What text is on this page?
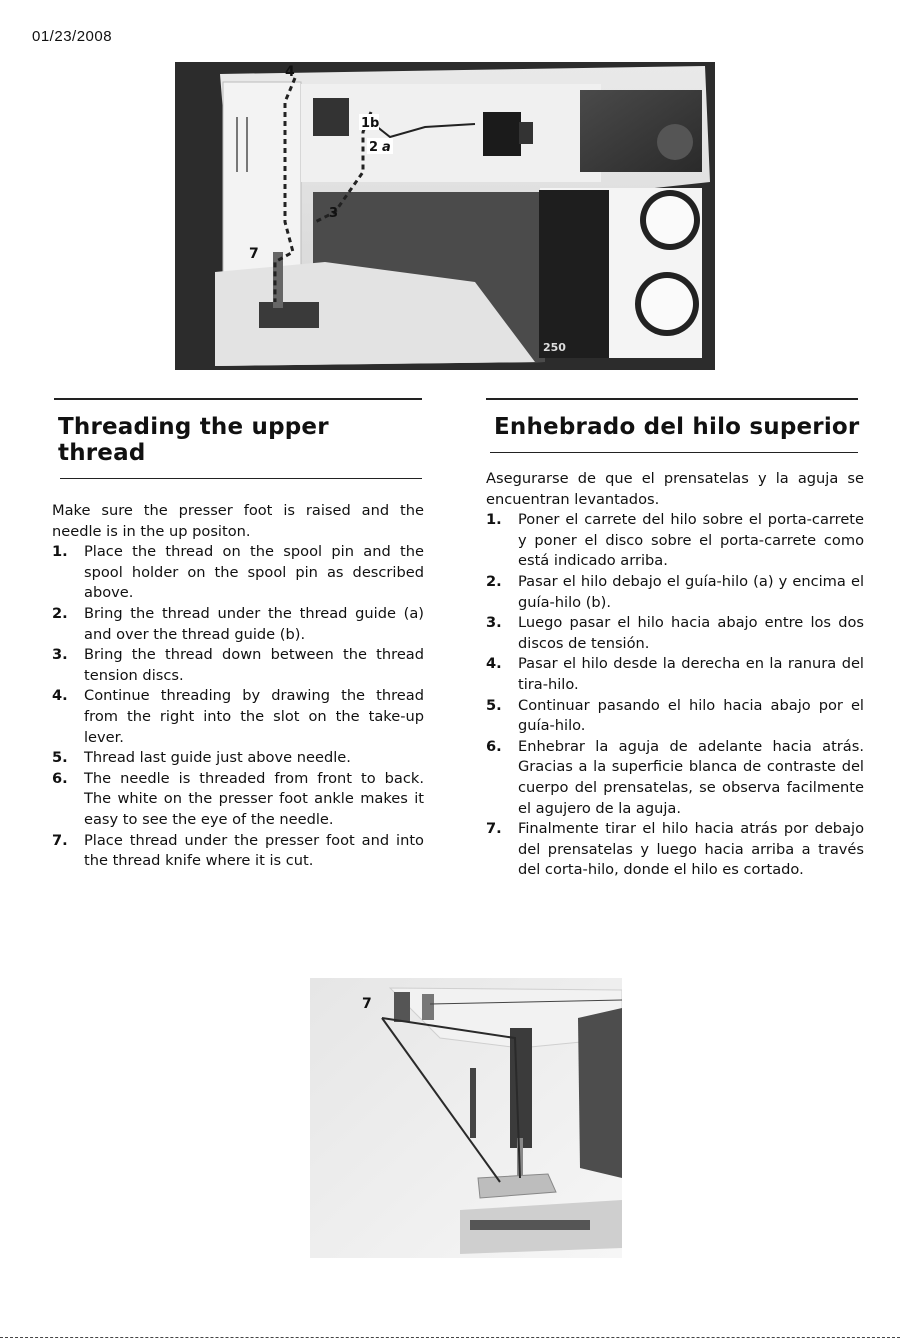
01/23/2008
250
4
1b
2 a
3
7
Threading the upper thread
Make sure the presser foot is raised and the needle is in the up positon.
1. Place the thread on the spool pin and the spool holder on the spool pin as described above.
2. Bring the thread under the thread guide (a) and over the thread guide (b).
3. Bring the thread down between the thread tension discs.
4. Continue threading by drawing the thread from the right into the slot on the take-up lever.
5. Thread last guide just above needle.
6. The needle is threaded from front to back. The white on the presser foot ankle makes it easy to see the eye of the needle.
7. Place thread under the presser foot and into the thread knife where it is cut.
Enhebrado del hilo superior
Asegurarse de que el prensatelas y la aguja se encuentran levantados.
1. Poner el carrete del hilo sobre el porta-carrete y poner el disco sobre el porta-carrete como está indicado arriba.
2. Pasar el hilo debajo el guía-hilo (a) y encima el guía-hilo (b).
3. Luego pasar el hilo hacia abajo entre los dos discos de tensión.
4. Pasar el hilo desde la derecha en la ranura del tira-hilo.
5. Continuar pasando el hilo hacia abajo por el guía-hilo.
6. Enhebrar la aguja de adelante hacia atrás. Gracias a la superficie blanca de contraste del cuerpo del prensatelas, se observa facilmente el agujero de la aguja.
7. Finalmente tirar el hilo hacia atrás por debajo del prensatelas y luego hacia arriba a través del corta-hilo, donde el hilo es cortado.
7
